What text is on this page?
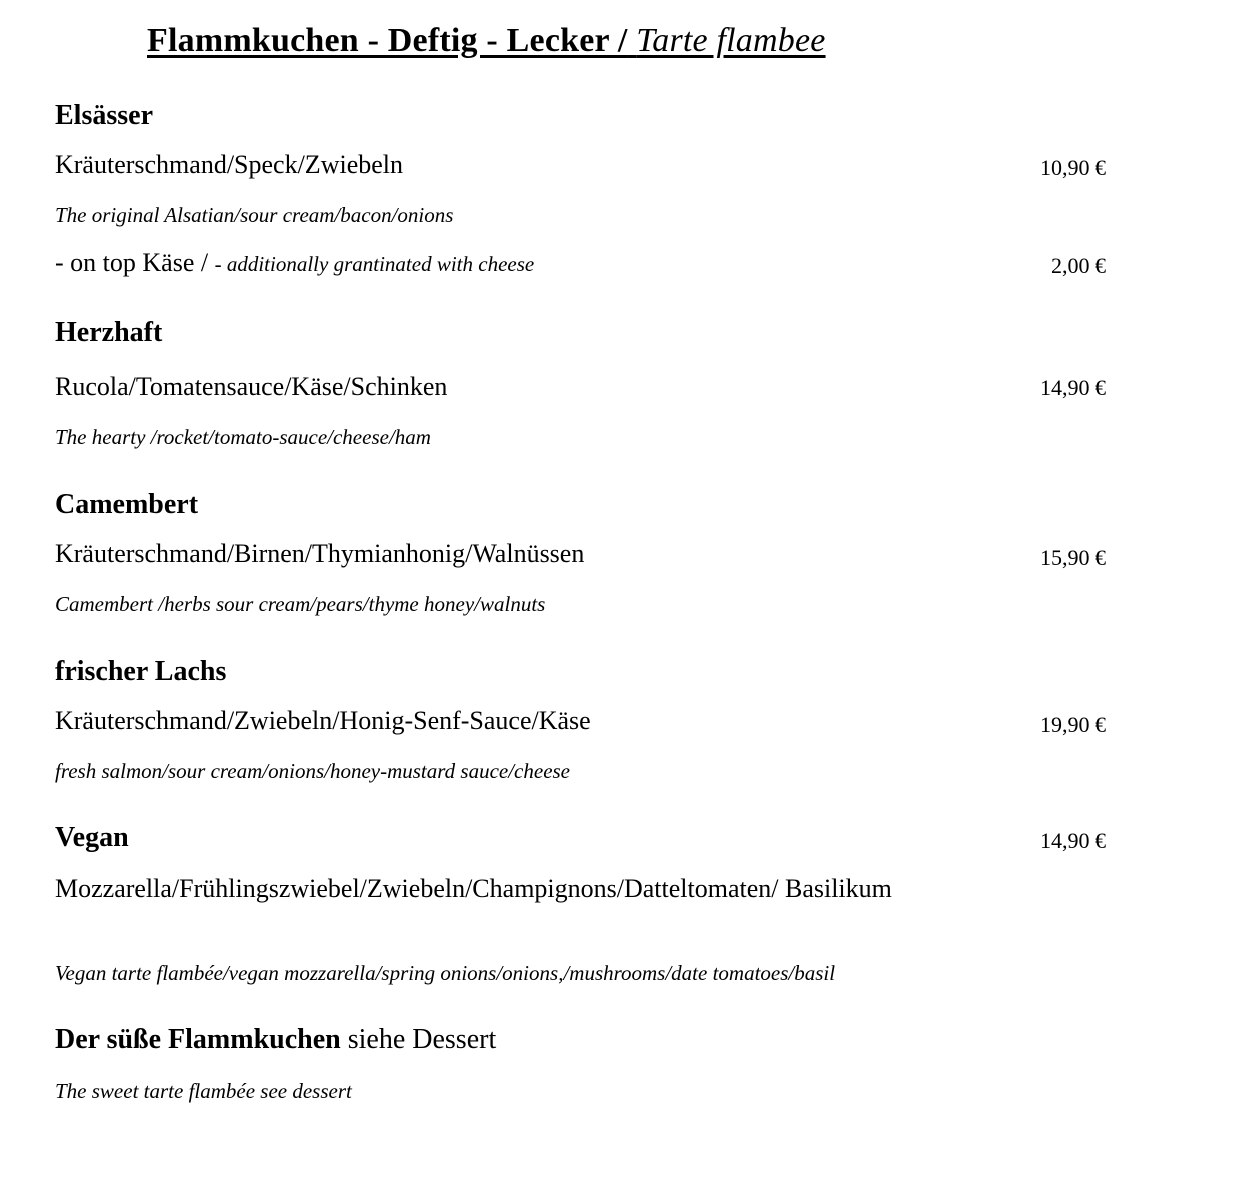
Flammkuchen - Deftig - Lecker / Tarte flambee
Elsässer
Kräuterschmand/Speck/Zwiebeln	10,90 €
The original Alsatian/sour cream/bacon/onions
- on top Käse / - additionally grantinated with cheese	2,00 €
Herzhaft
Rucola/Tomatensauce/Käse/Schinken	14,90 €
The hearty /rocket/tomato-sauce/cheese/ham
Camembert
Kräuterschmand/Birnen/Thymianhonig/Walnüssen	15,90 €
Camembert /herbs sour cream/pears/thyme honey/walnuts
frischer Lachs
Kräuterschmand/Zwiebeln/Honig-Senf-Sauce/Käse	19,90 €
fresh salmon/sour cream/onions/honey-mustard sauce/cheese
Vegan	14,90 €
Mozzarella/Frühlingszwiebel/Zwiebeln/Champignons/Datteltomaten/ Basilikum
Vegan tarte flambée/vegan mozzarella/spring onions/onions,/mushrooms/date tomatoes/basil
Der süße Flammkuchen siehe Dessert
The sweet tarte flambée see dessert
